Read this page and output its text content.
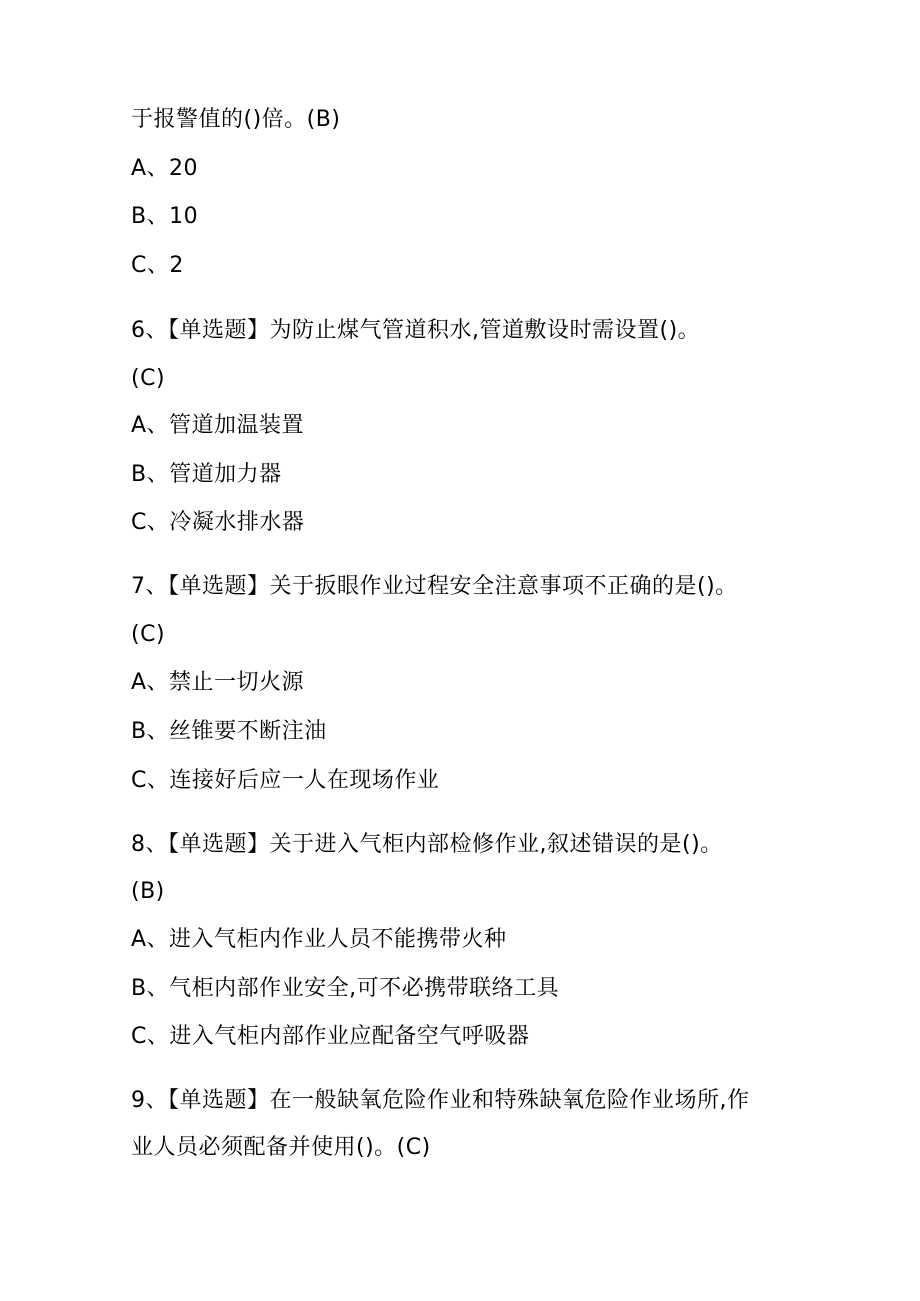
于报警值的()倍。(B)
A、20
B、10
C、2
6、【单选题】为防止煤气管道积水,管道敷设时需设置()。
(C)
A、管道加温装置
B、管道加力器
C、冷凝水排水器
7、【单选题】关于扳眼作业过程安全注意事项不正确的是()。
(C)
A、禁止一切火源
B、丝锥要不断注油
C、连接好后应一人在现场作业
8、【单选题】关于进入气柜内部检修作业,叙述错误的是()。
(B)
A、进入气柜内作业人员不能携带火种
B、气柜内部作业安全,可不必携带联络工具
C、进入气柜内部作业应配备空气呼吸器
9、【单选题】在一般缺氧危险作业和特殊缺氧危险作业场所,作
业人员必须配备并使用()。(C)
